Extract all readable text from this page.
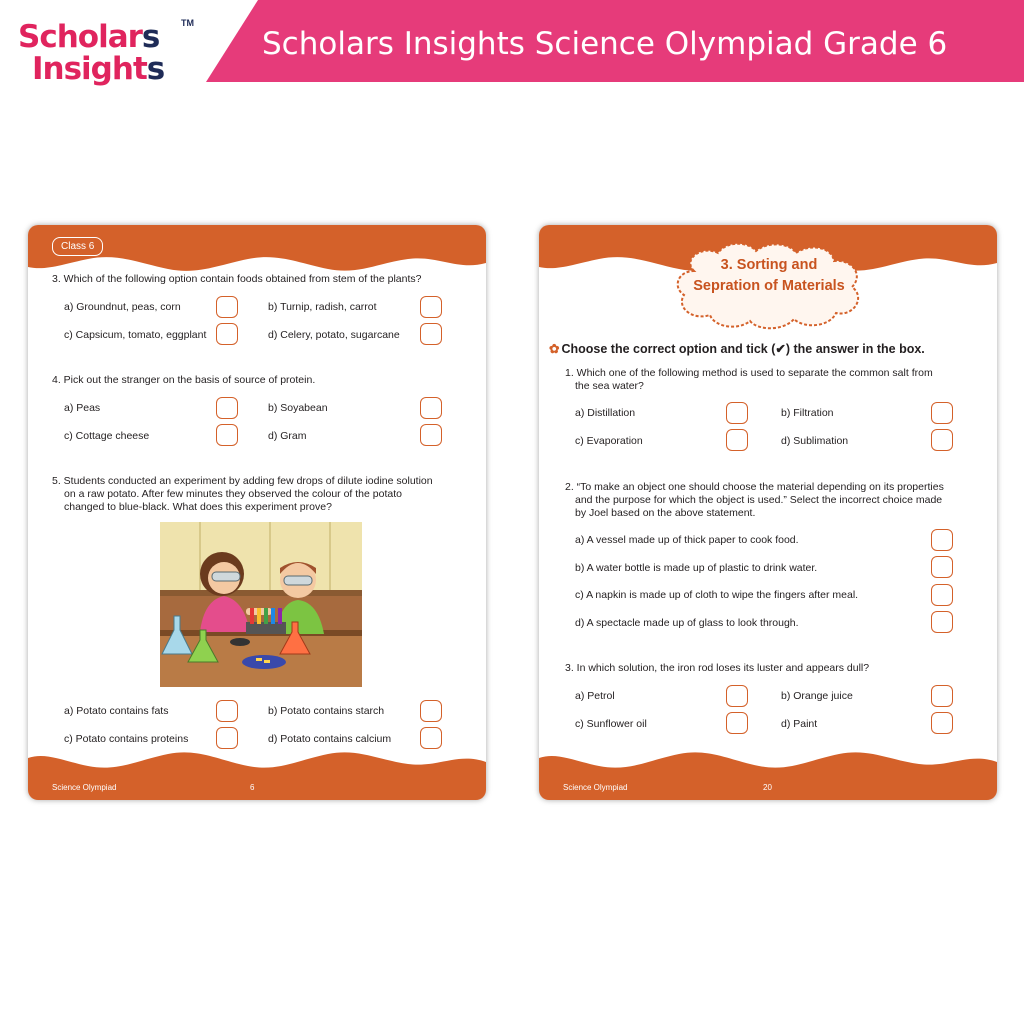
Scholars
Insights
TM
Scholars Insights Science Olympiad Grade 6
Class 6
3. Which of the following option contain foods obtained from stem of the plants?
a) Groundnut, peas, corn	b) Turnip, radish, carrot
c) Capsicum, tomato, eggplant	d) Celery, potato, sugarcane
4. Pick out the stranger on the basis of source of protein.
a) Peas	b) Soyabean
c) Cottage cheese	d) Gram
5. Students conducted an experiment by adding few drops of dilute iodine solution
on a raw potato. After few minutes they observed the colour of the potato
changed to blue-black. What does this experiment prove?
a) Potato contains fats	b) Potato contains starch
c) Potato contains proteins	d) Potato contains calcium
Science Olympiad	6
3. Sorting and
Sepration of Materials
✿ Choose the correct option and tick (✔) the answer in the box.
1. Which one of the following method is used to separate the common salt from
the sea water?
a) Distillation	b) Filtration
c) Evaporation	d) Sublimation
2. “To make an object one should choose the material depending on its properties
and the purpose for which the object is used.” Select the incorrect choice made
by Joel based on the above statement.
a) A vessel made up of thick paper to cook food.
b) A water bottle is made up of plastic to drink water.
c) A napkin is made up of cloth to wipe the fingers after meal.
d) A spectacle made up of glass to look through.
3. In which solution, the iron rod loses its luster and appears dull?
a) Petrol	b) Orange juice
c) Sunflower oil	d) Paint
Science Olympiad	20
